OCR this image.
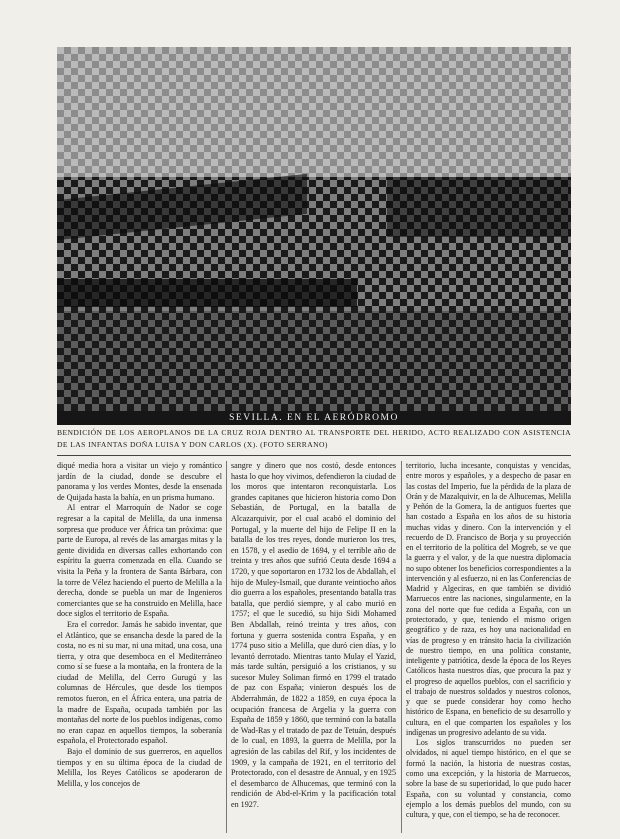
SEVILLA. EN EL AERÓDROMO
BENDICIÓN DE LOS AEROPLANOS DE LA CRUZ ROJA DENTRO AL TRANSPORTE DEL HERIDO, ACTO REALIZADO CON ASISTENCIA DE LAS INFANTAS DOÑA LUISA Y DON CARLOS (X). (FOTO SERRANO)

diqué media hora a visitar un viejo y romántico jardín de la ciudad, donde se descubre el panorama y los verdes Montes, desde la ensenada de Quijada hasta la bahía, en un prisma humano.

Al entrar el Marroquín de Nador se coge regresar a la capital de Melilla, da una inmensa sorpresa que produce ver África tan próxima: que parte de Europa, al revés de las amargas mitas y la gente dividida en diversas calles exhortando con espíritu la guerra comenzada en ella. Cuando se visita la Peña y la frontera de Santa Bárbara, con la torre de Vélez haciendo el puerto de Melilla a la derecha, donde se puebla un mar de Ingenieros comerciantes que se ha construido en Melilla, hace doce siglos el territorio de España.

Era el corredor. Jamás he sabido inventar, que el Atlántico, que se ensancha desde la pared de la costa, no es ni su mar, ni una mitad, una cosa, una tierra, y otra que desemboca en el Mediterráneo como sí se fuese a la montaña, en la frontera de la ciudad de Melilla, del Cerro Gurugú y las columnas de Hércules, que desde los tiempos remotos fueron, en el África entera, una patria de la madre de España, ocupada también por las montañas del norte de los pueblos indígenas, como no eran capaz en aquellos tiempos, la soberanía española, el Protectorado español.

Bajo el dominio de sus guerreros, en aquellos tiempos y en su última época de la ciudad de Melilla, los Reyes Católicos se apoderaron de Melilla, y los concejos de

sangre y dinero que nos costó, desde entonces hasta lo que hoy vivimos, defendieron la ciudad de los moros que intentaron reconquistarla. Los grandes capitanes que hicieron historia como Don Sebastián, de Portugal, en la batalla de Alcazarquivir, por el cual acabó el dominio del Portugal, y la muerte del hijo de Felipe II en la batalla de los tres reyes, donde murieron los tres, en 1578, y el asedio de 1694, y el terrible año de treinta y tres años que sufrió Ceuta desde 1694 a 1720, y que soportaron en 1732 los de Abdallah, el hijo de Muley-Ismail, que durante veintiocho años dio guerra a los españoles, presentando batalla tras batalla, que perdió siempre, y al cabo murió en 1757; el que le sucedió, su hijo Sidi Mohamed Ben Abdallah, reinó treinta y tres años, con fortuna y guerra sostenida contra España, y en 1774 puso sitio a Melilla, que duró cien días, y lo levantó derrotado. Mientras tanto Mulay el Yazid, más tarde sultán, persiguió a los cristianos, y su sucesor Muley Soliman firmó en 1799 el tratado de paz con España; vinieron después los de Abderrahmán, de 1822 a 1859, en cuya época la ocupación francesa de Argelia y la guerra con España de 1859 y 1860, que terminó con la batalla de Wad-Ras y el tratado de paz de Tetuán, después de lo cual, en 1893, la guerra de Melilla, por la agresión de las cabilas del Rif, y los incidentes de 1909, y la campaña de 1921, en el territorio del Protectorado, con el desastre de Annual, y en 1925 el desembarco de Alhucemas, que terminó con la rendición de Abd-el-Krim y la pacificación total en 1927.

territorio, lucha incesante, conquistas y vencidas, entre moros y españoles, y a despecho de pasar en las costas del Imperio, fue la pérdida de la plaza de Orán y de Mazalquivir, en la de Alhucemas, Melilla y Peñón de la Gomera, la de antiguos fuertes que han costado a España en los años de su historia muchas vidas y dinero. Con la intervención y el recuerdo de D. Francisco de Borja y su proyección en el territorio de la política del Mogreb, se ve que la guerra y el valor, y de la que nuestra diplomacia no supo obtener los beneficios correspondientes a la intervención y al esfuerzo, ni en las Conferencias de Madrid y Algeciras, en que también se dividió Marruecos entre las naciones, singularmente, en la zona del norte que fue cedida a España, con un protectorado, y que, teniendo el mismo origen geográfico y de raza, es hoy una nacionalidad en vías de progreso y en tránsito hacia la civilización de nuestro tiempo, en una política constante, inteligente y patriótica, desde la época de los Reyes Católicos hasta nuestros días, que procura la paz y el progreso de aquellos pueblos, con el sacrificio y el trabajo de nuestros soldados y nuestros colonos, y que se puede considerar hoy como hecho histórico de Espana, en beneficio de su desarrollo y cultura, en el que comparten los españoles y los indígenas un progresivo adelanto de su vida.

Los siglos transcurridos no pueden ser olvidados, ni aquel tiempo histórico, en el que se formó la nación, la historia de nuestras costas, como una excepción, y la historia de Marruecos, sobre la base de su superioridad, lo que pudo hacer España, con su voluntad y constancia, como ejemplo a los demás pueblos del mundo, con su cultura, y que, con el tiempo, se ha de reconocer.
